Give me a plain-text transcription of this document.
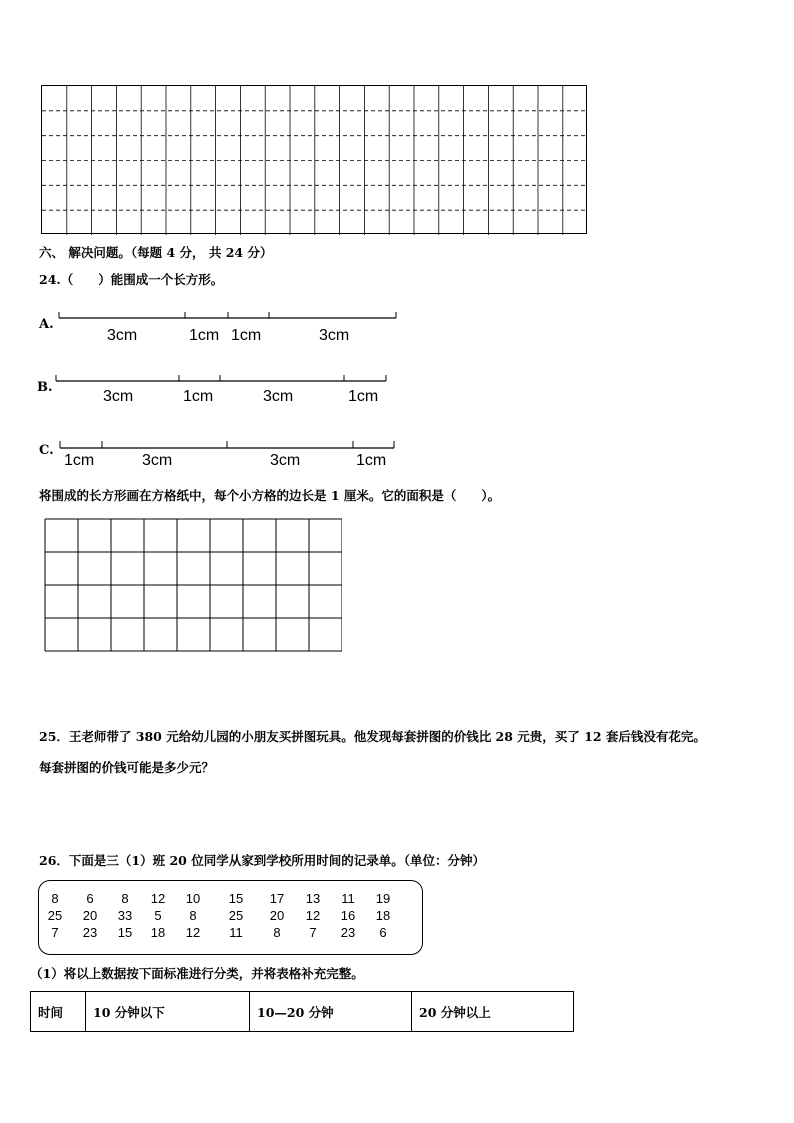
六、 解决问题。（每题 4 分， 共 24 分）
24.（　　）能围成一个长方形。
A.
3cm	1cm 1cm	3cm
B.
3cm	1cm	3cm	1cm
C.
1cm	3cm	3cm	1cm
将围成的长方形画在方格纸中，每个小方格的边长是 1 厘米。它的面积是（　　）。
25．王老师带了 380 元给幼儿园的小朋友买拼图玩具。他发现每套拼图的价钱比 28 元贵，买了 12 套后钱没有花完。
每套拼图的价钱可能是多少元？
26．下面是三（1）班 20 位同学从家到学校所用时间的记录单。（单位：分钟）
8	6	8	12	10	15	17	13	11	19
25	20	33	5	8	25	20	12	16	18
7	23	15	18	12	11	8	7	23	6
（1）将以上数据按下面标准进行分类，并将表格补充完整。
时间	10 分钟以下	10—20 分钟	20 分钟以上
